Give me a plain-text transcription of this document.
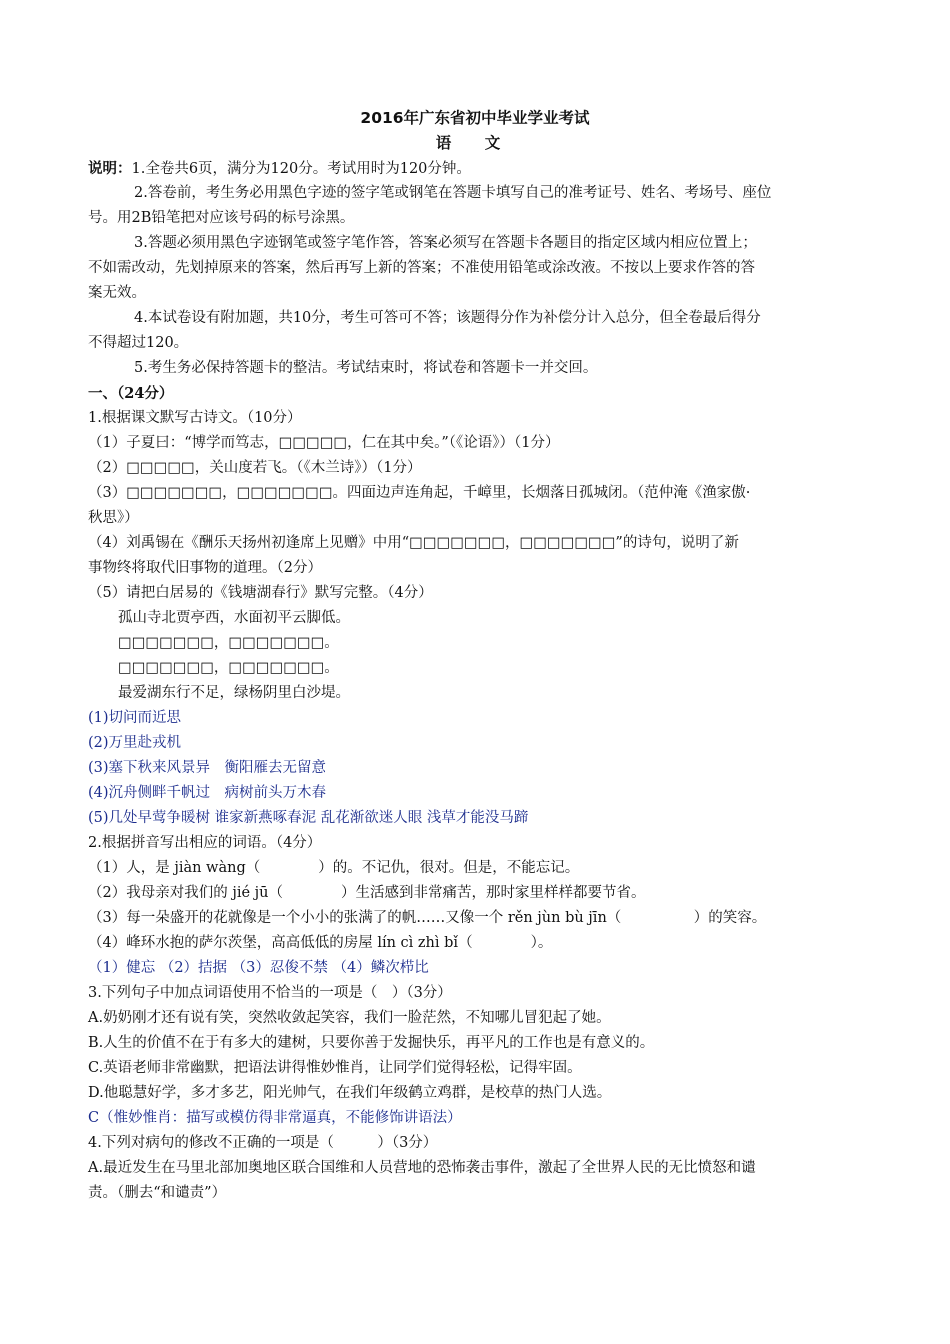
2016年广东省初中毕业学业考试
语 文
说明：1.全卷共6页，满分为120分。考试用时为120分钟。
2.答卷前，考生务必用黑色字迹的签字笔或钢笔在答题卡填写自己的准考证号、姓名、考场号、座位
号。用2B铅笔把对应该号码的标号涂黑。
3.答题必须用黑色字迹钢笔或签字笔作答，答案必须写在答题卡各题目的指定区域内相应位置上；
不如需改动，先划掉原来的答案，然后再写上新的答案；不准使用铅笔或涂改液。不按以上要求作答的答
案无效。
4.本试卷设有附加题，共10分，考生可答可不答；该题得分作为补偿分计入总分，但全卷最后得分
不得超过120。
5.考生务必保持答题卡的整洁。考试结束时，将试卷和答题卡一并交回。
一、（24分）
1.根据课文默写古诗文。（10分）
（1）子夏曰：“博学而笃志，□□□□□，仁在其中矣。”（《论语》）（1分）
（2）□□□□□，关山度若飞。（《木兰诗》）（1分）
（3）□□□□□□□，□□□□□□□。四面边声连角起，千嶂里，长烟落日孤城闭。（范仲淹《渔家傲·
秋思》）
（4）刘禹锡在《酬乐天扬州初逢席上见赠》中用“□□□□□□□，□□□□□□□”的诗句，说明了新
事物终将取代旧事物的道理。（2分）
（5）请把白居易的《钱塘湖春行》默写完整。（4分）
孤山寺北贾亭西，水面初平云脚低。
□□□□□□□，□□□□□□□。
□□□□□□□，□□□□□□□。
最爱湖东行不足，绿杨阴里白沙堤。
(1)切问而近思
(2)万里赴戎机
(3)塞下秋来风景异　衡阳雁去无留意
(4)沉舟侧畔千帆过　病树前头万木春
(5)几处早莺争暖树 谁家新燕啄春泥 乱花渐欲迷人眼 浅草才能没马蹄
2.根据拼音写出相应的词语。（4分）
（1）人，是 jiàn wàng（　　　　）的。不记仇，很对。但是，不能忘记。
（2）我母亲对我们的 jié jū（　　　　）生活感到非常痛苦，那时家里样样都要节省。
（3）每一朵盛开的花就像是一个小小的张满了的帆……又像一个 rěn jùn bù jīn（　　　　　）的笑容。
（4）峰环水抱的萨尔茨堡，高高低低的房屋 lín cì zhì bǐ（　　　　）。
（1）健忘 （2）拮据 （3）忍俊不禁 （4）鳞次栉比
3.下列句子中加点词语使用不恰当的一项是（　）（3分）
A.奶奶刚才还有说有笑，突然收敛起笑容，我们一脸茫然，不知哪儿冒犯起了她。
B.人生的价值不在于有多大的建树，只要你善于发掘快乐，再平凡的工作也是有意义的。
C.英语老师非常幽默，把语法讲得惟妙惟肖，让同学们觉得轻松，记得牢固。
D.他聪慧好学，多才多艺，阳光帅气，在我们年级鹤立鸡群，是校草的热门人选。
C（惟妙惟肖：描写或模仿得非常逼真，不能修饰讲语法）
4.下列对病句的修改不正确的一项是（　　　）（3分）
A.最近发生在马里北部加奥地区联合国维和人员营地的恐怖袭击事件，激起了全世界人民的无比愤怒和谴
责。（删去“和谴责”）
